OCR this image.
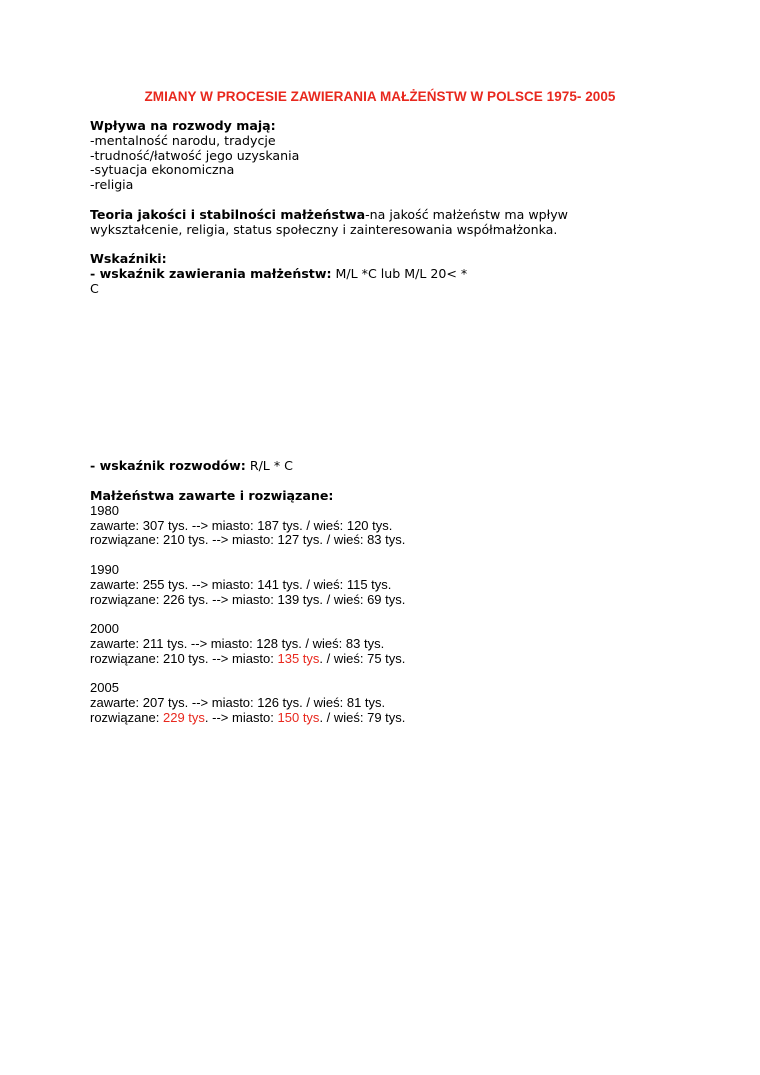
ZMIANY W PROCESIE ZAWIERANIA MAŁŻEŃSTW W POLSCE 1975- 2005
Wpływa na rozwody mają:
-mentalność narodu, tradycje
-trudność/łatwość jego uzyskania
-sytuacja ekonomiczna
-religia
Teoria jakości i stabilności małżeństwa-na jakość małżeństw ma wpływ
wykształcenie, religia, status społeczny i zainteresowania współmałżonka.
Wskaźniki:
- wskaźnik zawierania małżeństw: M/L *C lub M/L 20< *
C
- wskaźnik rozwodów: R/L * C
Małżeństwa zawarte i rozwiązane:
1980
zawarte: 307 tys. --> miasto: 187 tys. / wieś: 120 tys.
rozwiązane: 210 tys. --> miasto: 127 tys. / wieś: 83 tys.
1990
zawarte: 255 tys. --> miasto: 141 tys. / wieś: 115 tys.
rozwiązane: 226 tys. --> miasto: 139 tys. / wieś: 69 tys.
2000
zawarte: 211 tys. --> miasto: 128 tys. / wieś: 83 tys.
rozwiązane: 210 tys. --> miasto: 135 tys. / wieś: 75 tys.
2005
zawarte: 207 tys. --> miasto: 126 tys. / wieś: 81 tys.
rozwiązane: 229 tys. --> miasto: 150 tys. / wieś: 79 tys.
